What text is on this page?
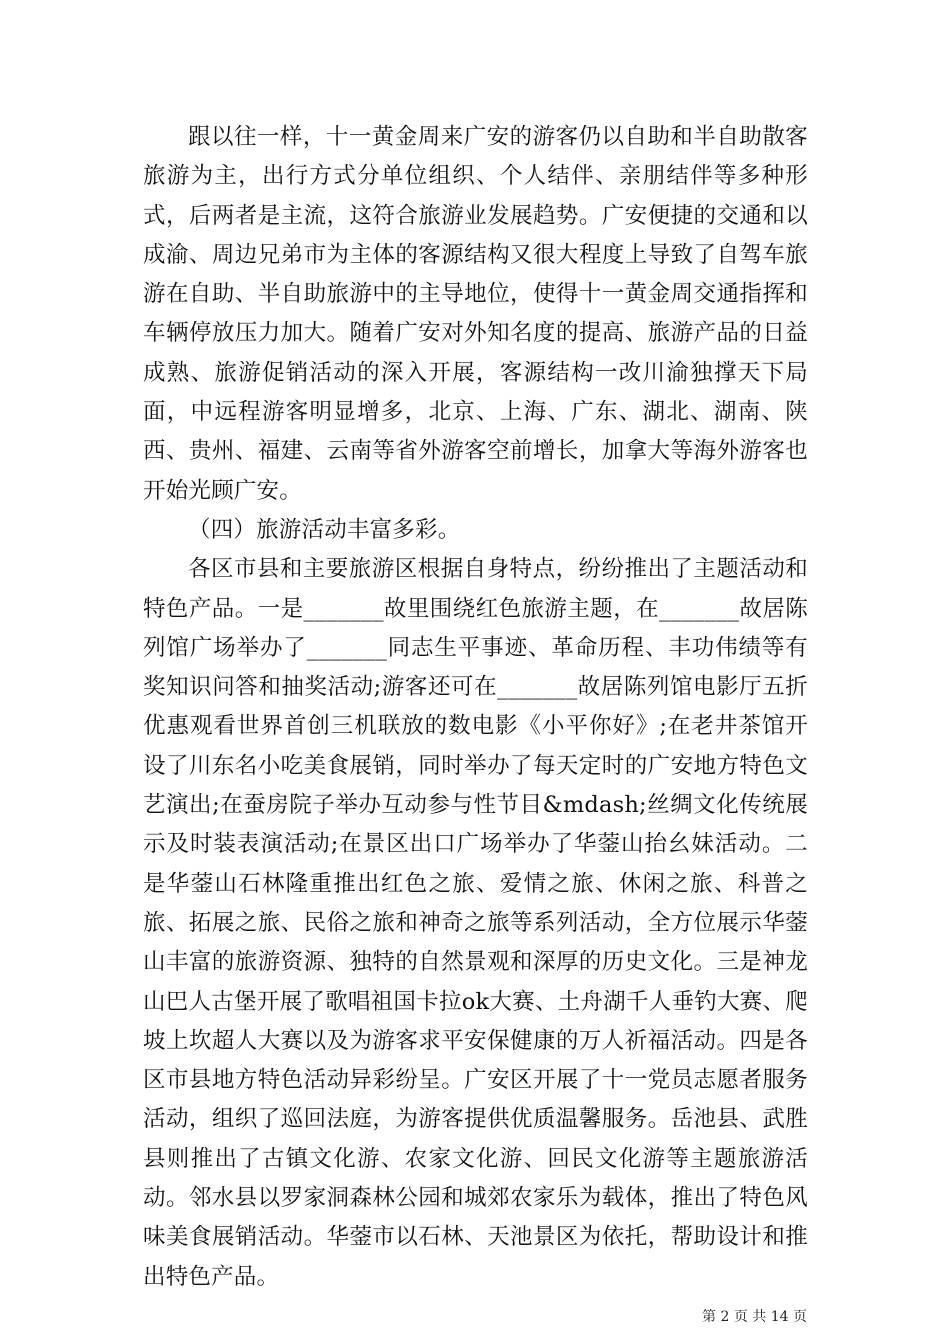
跟以往一样，十一黄金周来广安的游客仍以自助和半自助散客旅游为主，出行方式分单位组织、个人结伴、亲朋结伴等多种形式，后两者是主流，这符合旅游业发展趋势。广安便捷的交通和以成渝、周边兄弟市为主体的客源结构又很大程度上导致了自驾车旅游在自助、半自助旅游中的主导地位，使得十一黄金周交通指挥和车辆停放压力加大。随着广安对外知名度的提高、旅游产品的日益成熟、旅游促销活动的深入开展，客源结构一改川渝独撑天下局面，中远程游客明显增多，北京、上海、广东、湖北、湖南、陕西、贵州、福建、云南等省外游客空前增长，加拿大等海外游客也开始光顾广安。

（四）旅游活动丰富多彩。

各区市县和主要旅游区根据自身特点，纷纷推出了主题活动和特色产品。一是_______故里围绕红色旅游主题，在_______故居陈列馆广场举办了_______同志生平事迹、革命历程、丰功伟绩等有奖知识问答和抽奖活动;游客还可在_______故居陈列馆电影厅五折优惠观看世界首创三机联放的数电影《小平你好》;在老井茶馆开设了川东名小吃美食展销，同时举办了每天定时的广安地方特色文艺演出;在蚕房院子举办互动参与性节目&mdash;丝绸文化传统展示及时装表演活动;在景区出口广场举办了华蓥山抬幺妹活动。二是华蓥山石林隆重推出红色之旅、爱情之旅、休闲之旅、科普之旅、拓展之旅、民俗之旅和神奇之旅等系列活动，全方位展示华蓥山丰富的旅游资源、独特的自然景观和深厚的历史文化。三是神龙山巴人古堡开展了歌唱祖国卡拉ok大赛、土舟湖千人垂钓大赛、爬坡上坎超人大赛以及为游客求平安保健康的万人祈福活动。四是各区市县地方特色活动异彩纷呈。广安区开展了十一党员志愿者服务活动，组织了巡回法庭，为游客提供优质温馨服务。岳池县、武胜县则推出了古镇文化游、农家文化游、回民文化游等主题旅游活动。邻水县以罗家洞森林公园和城郊农家乐为载体，推出了特色风味美食展销活动。华蓥市以石林、天池景区为依托，帮助设计和推出特色产品。

第 2 页 共 14 页
